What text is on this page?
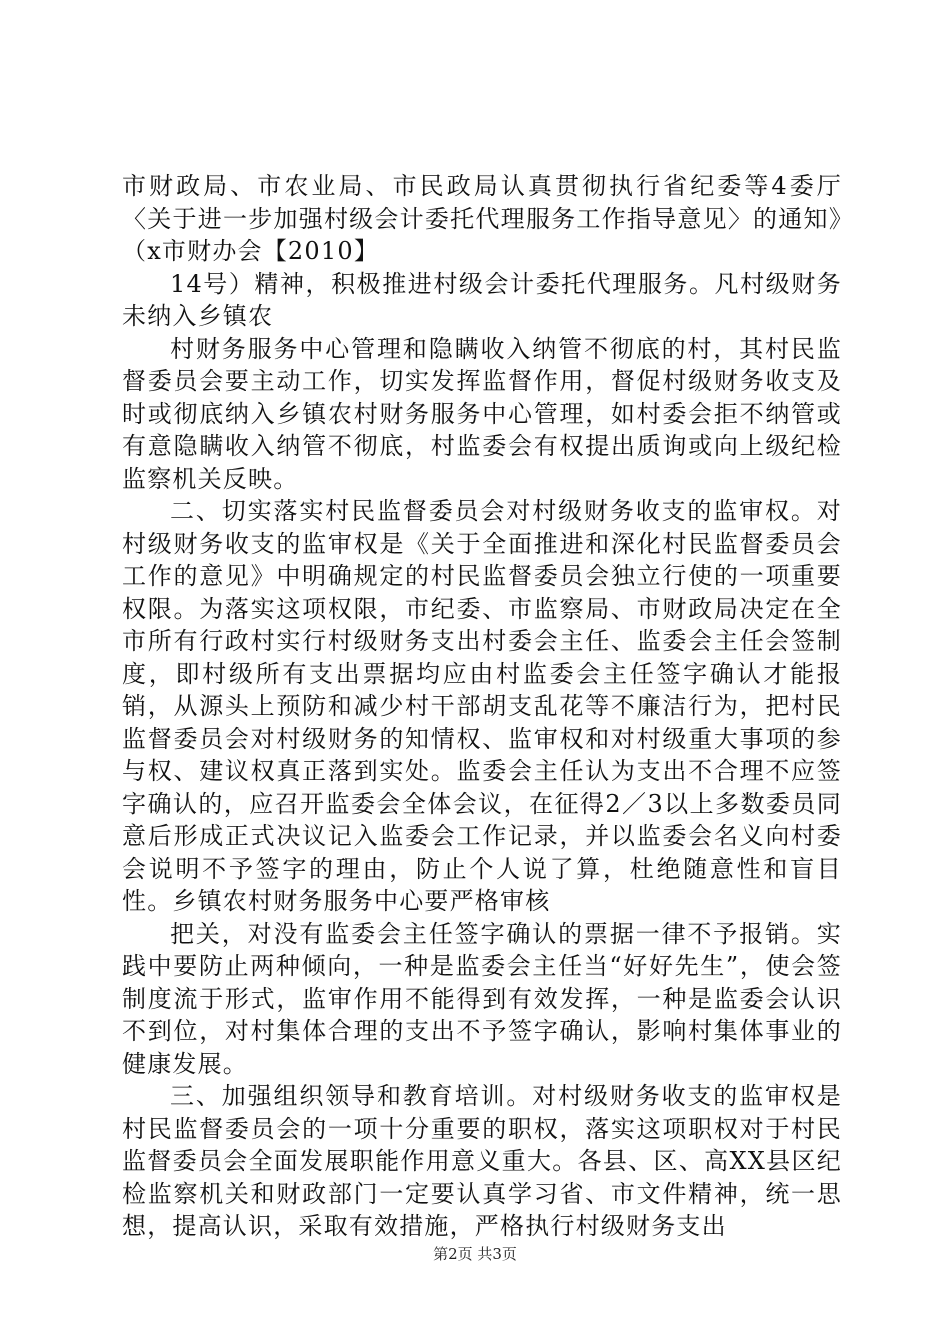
市财政局、市农业局、市民政局认真贯彻执行省纪委等4委厅〈关于进一步加强村级会计委托代理服务工作指导意见〉的通知》（x市财办会【2010】

14号）精神，积极推进村级会计委托代理服务。凡村级财务未纳入乡镇农

村财务服务中心管理和隐瞒收入纳管不彻底的村，其村民监督委员会要主动工作，切实发挥监督作用，督促村级财务收支及时或彻底纳入乡镇农村财务服务中心管理，如村委会拒不纳管或有意隐瞒收入纳管不彻底，村监委会有权提出质询或向上级纪检监察机关反映。

二、切实落实村民监督委员会对村级财务收支的监审权。对村级财务收支的监审权是《关于全面推进和深化村民监督委员会工作的意见》中明确规定的村民监督委员会独立行使的一项重要权限。为落实这项权限，市纪委、市监察局、市财政局决定在全市所有行政村实行村级财务支出村委会主任、监委会主任会签制度，即村级所有支出票据均应由村监委会主任签字确认才能报销，从源头上预防和减少村干部胡支乱花等不廉洁行为，把村民监督委员会对村级财务的知情权、监审权和对村级重大事项的参与权、建议权真正落到实处。监委会主任认为支出不合理不应签字确认的，应召开监委会全体会议，在征得2／3以上多数委员同意后形成正式决议记入监委会工作记录，并以监委会名义向村委会说明不予签字的理由，防止个人说了算，杜绝随意性和盲目性。乡镇农村财务服务中心要严格审核

把关，对没有监委会主任签字确认的票据一律不予报销。实践中要防止两种倾向，一种是监委会主任当“好好先生”，使会签制度流于形式，监审作用不能得到有效发挥，一种是监委会认识不到位，对村集体合理的支出不予签字确认，影响村集体事业的健康发展。

三、加强组织领导和教育培训。对村级财务收支的监审权是村民监督委员会的一项十分重要的职权，落实这项职权对于村民监督委员会全面发展职能作用意义重大。各县、区、高XX县区纪检监察机关和财政部门一定要认真学习省、市文件精神，统一思想，提高认识，采取有效措施，严格执行村级财务支出

第2页 共3页
